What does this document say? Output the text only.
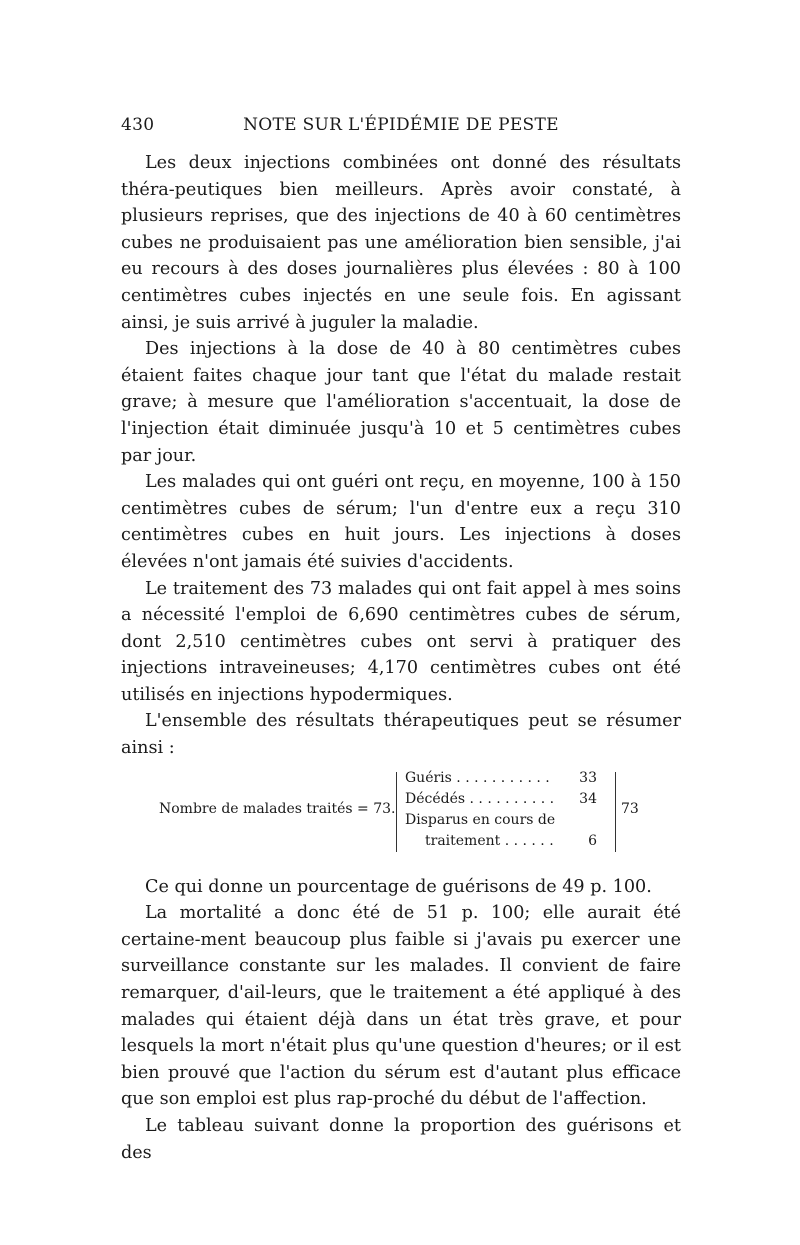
430	NOTE SUR L'ÉPIDÉMIE DE PESTE

Les deux injections combinées ont donné des résultats théra-peutiques bien meilleurs. Après avoir constaté, à plusieurs reprises, que des injections de 40 à 60 centimètres cubes ne produisaient pas une amélioration bien sensible, j'ai eu recours à des doses journalières plus élevées : 80 à 100 centimètres cubes injectés en une seule fois. En agissant ainsi, je suis arrivé à juguler la maladie.

Des injections à la dose de 40 à 80 centimètres cubes étaient faites chaque jour tant que l'état du malade restait grave; à mesure que l'amélioration s'accentuait, la dose de l'injection était diminuée jusqu'à 10 et 5 centimètres cubes par jour.

Les malades qui ont guéri ont reçu, en moyenne, 100 à 150 centimètres cubes de sérum; l'un d'entre eux a reçu 310 centimètres cubes en huit jours. Les injections à doses élevées n'ont jamais été suivies d'accidents.

Le traitement des 73 malades qui ont fait appel à mes soins a nécessité l'emploi de 6,690 centimètres cubes de sérum, dont 2,510 centimètres cubes ont servi à pratiquer des injections intraveineuses; 4,170 centimètres cubes ont été utilisés en injections hypodermiques.

L'ensemble des résultats thérapeutiques peut se résumer ainsi :

Nombre de malades traités = 73.
Guéris . . . . . . . . . . . 33
Décédés . . . . . . . . . . 34
Disparus en cours de
traitement . . . . . . 6
73

Ce qui donne un pourcentage de guérisons de 49 p. 100.

La mortalité a donc été de 51 p. 100; elle aurait été certaine-ment beaucoup plus faible si j'avais pu exercer une surveillance constante sur les malades. Il convient de faire remarquer, d'ail-leurs, que le traitement a été appliqué à des malades qui étaient déjà dans un état très grave, et pour lesquels la mort n'était plus qu'une question d'heures; or il est bien prouvé que l'action du sérum est d'autant plus efficace que son emploi est plus rap-proché du début de l'affection.

Le tableau suivant donne la proportion des guérisons et des
